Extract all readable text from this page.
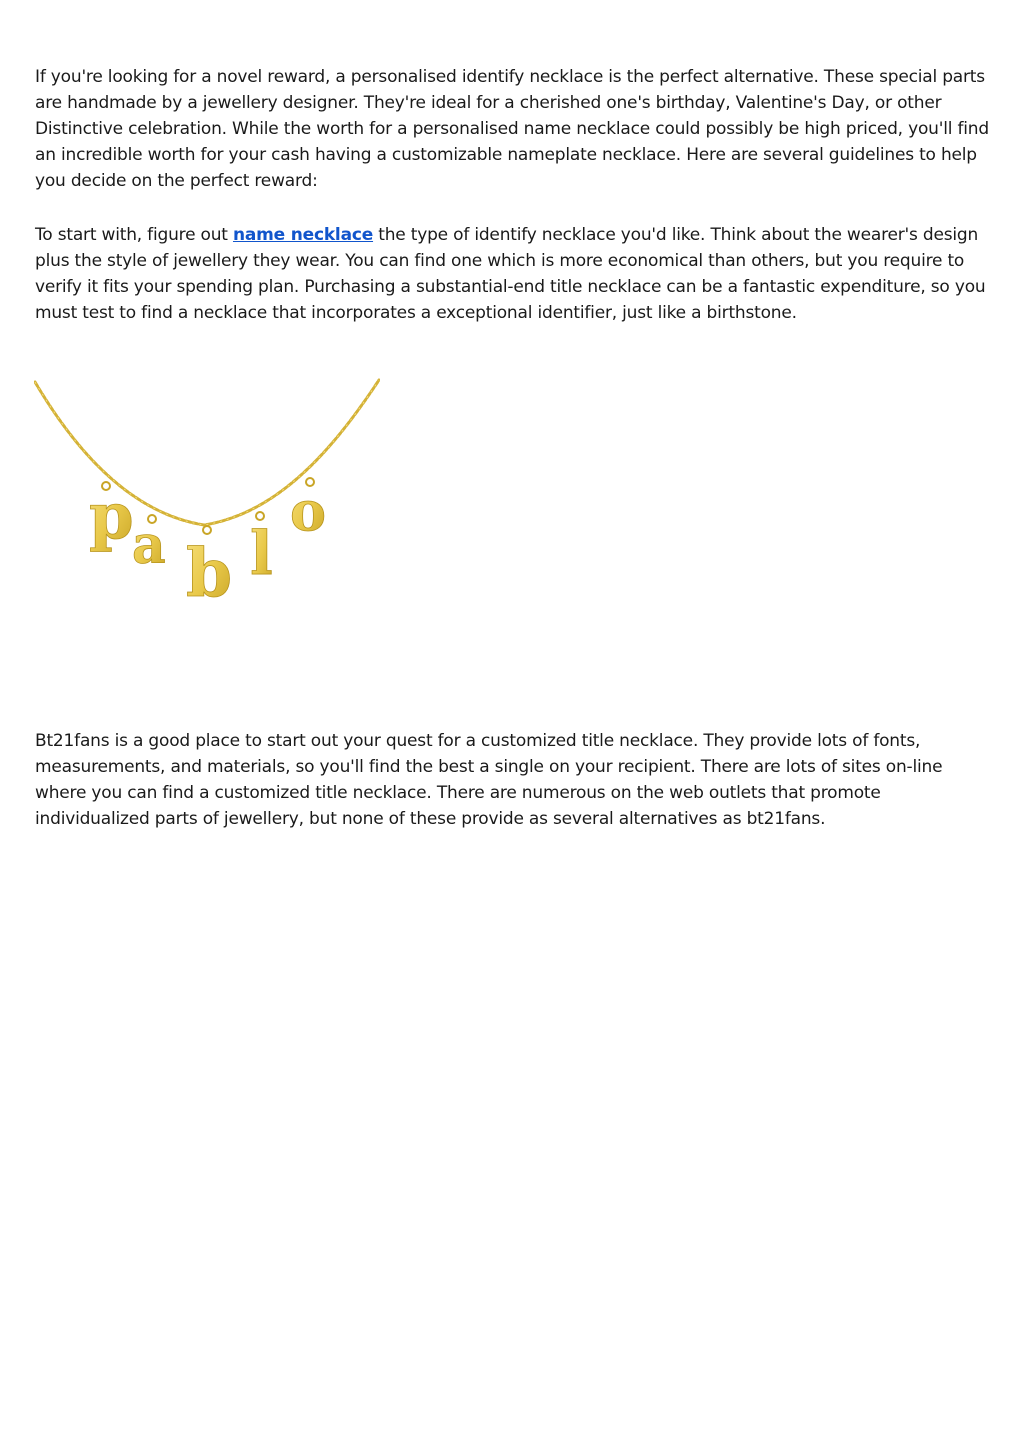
If you're looking for a novel reward, a personalised identify necklace is the perfect alternative. These special parts are handmade by a jewellery designer. They're ideal for a cherished one's birthday, Valentine's Day, or other Distinctive celebration. While the worth for a personalised name necklace could possibly be high priced, you'll find an incredible worth for your cash having a customizable nameplate necklace. Here are several guidelines to help you decide on the perfect reward:

To start with, figure out name necklace the type of identify necklace you'd like. Think about the wearer's design plus the style of jewellery they wear. You can find one which is more economical than others, but you require to verify it fits your spending plan. Purchasing a substantial-end title necklace can be a fantastic expenditure, so you must test to find a necklace that incorporates a exceptional identifier, just like a birthstone.

p
a b l
o

Bt21fans is a good place to start out your quest for a customized title necklace. They provide lots of fonts, measurements, and materials, so you'll find the best a single on your recipient. There are lots of sites on-line where you can find a customized title necklace. There are numerous on the web outlets that promote individualized parts of jewellery, but none of these provide as several alternatives as bt21fans.
